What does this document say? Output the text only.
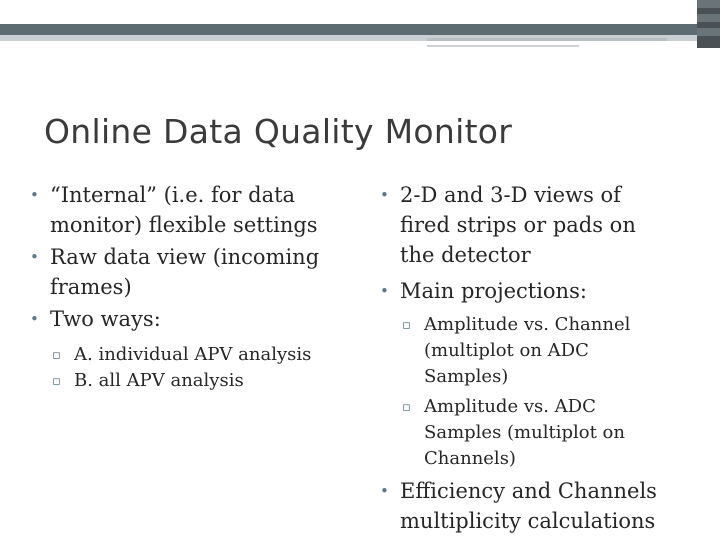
Online Data Quality Monitor
• “Internal” (i.e. for data monitor) flexible settings
• Raw data view (incoming frames)
• Two ways:
▫ A. individual APV analysis
▫ B. all APV analysis
• 2-D and 3-D views of fired strips or pads on the detector
• Main projections:
▫ Amplitude vs. Channel (multiplot on ADC Samples)
▫ Amplitude vs. ADC Samples (multiplot on Channels)
• Efficiency and Channels multiplicity calculations
